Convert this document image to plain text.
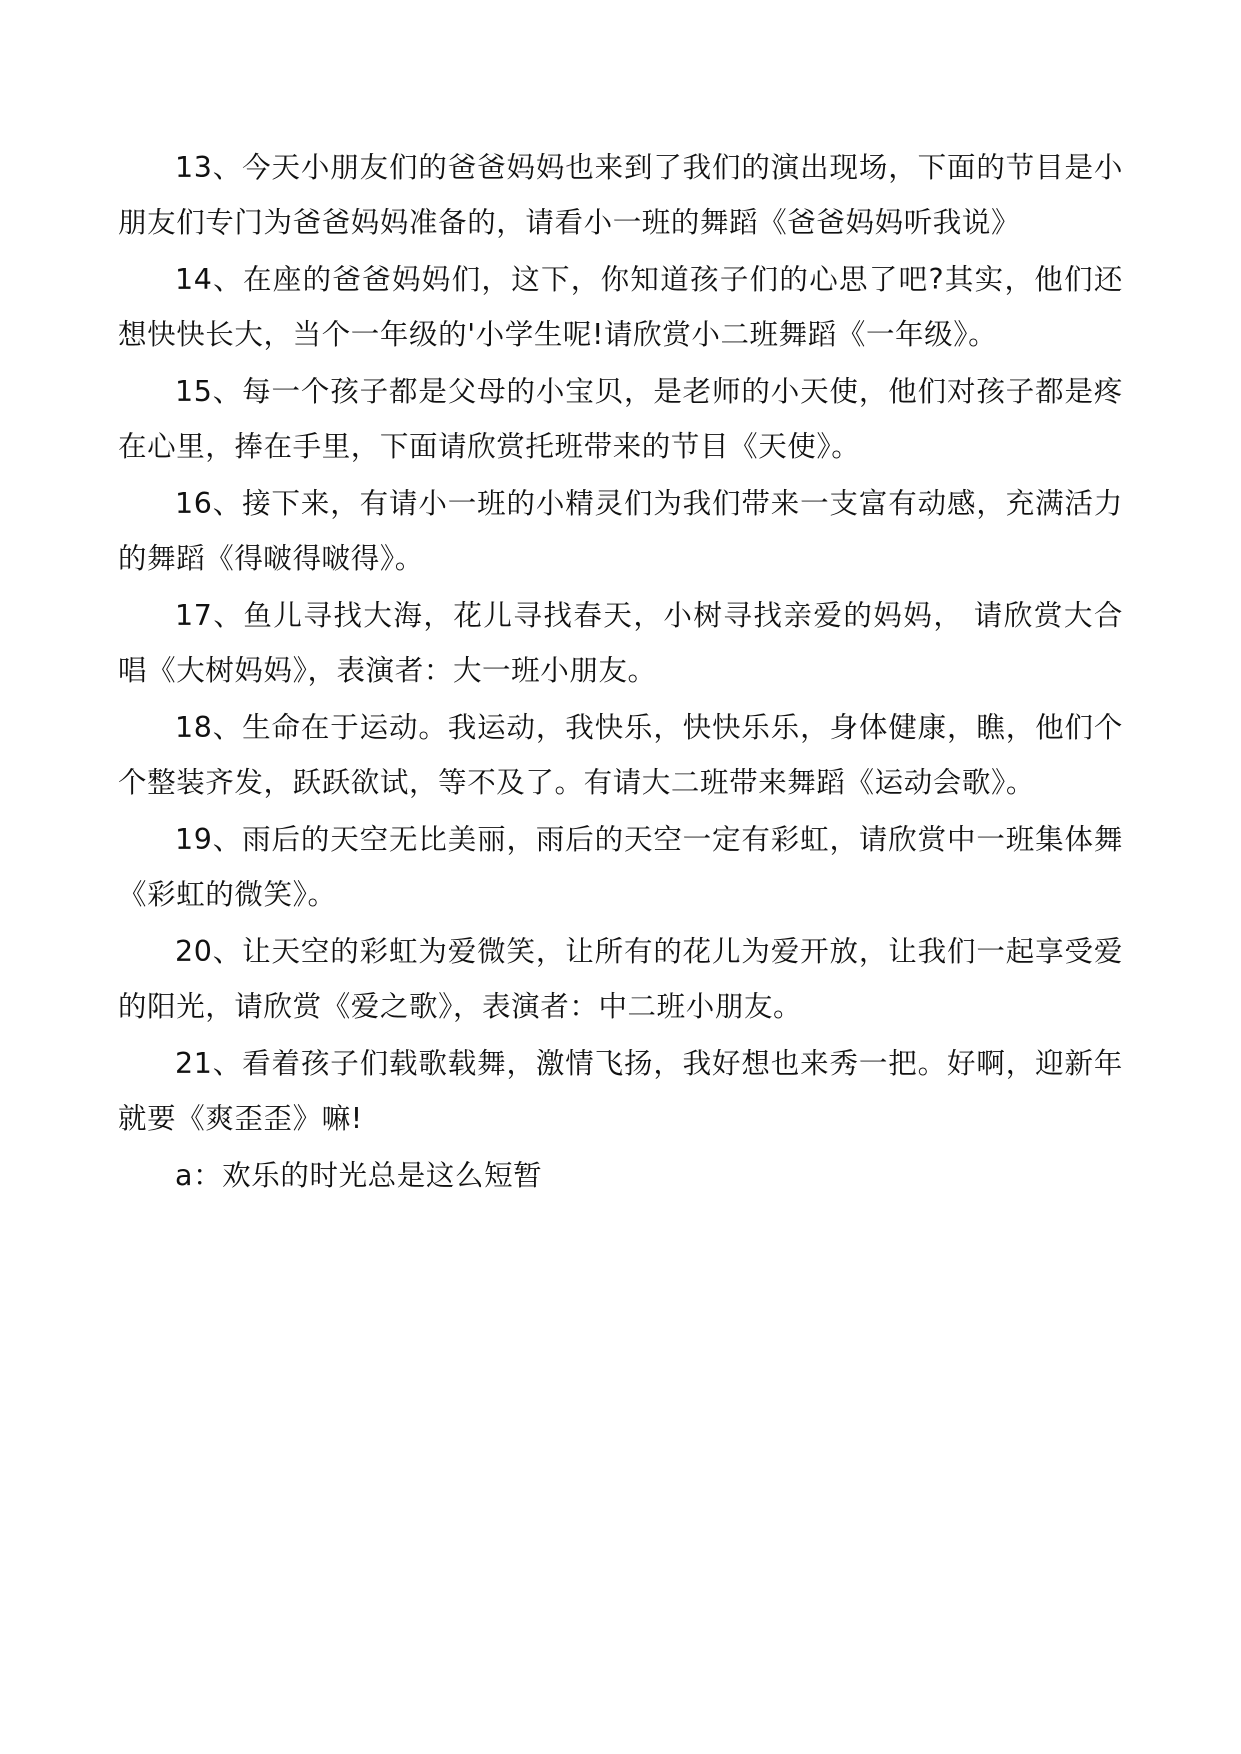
13、今天小朋友们的爸爸妈妈也来到了我们的演出现场，下面的节目是小朋友们专门为爸爸妈妈准备的，请看小一班的舞蹈《爸爸妈妈听我说》

14、在座的爸爸妈妈们，这下，你知道孩子们的心思了吧?其实，他们还想快快长大，当个一年级的'小学生呢!请欣赏小二班舞蹈《一年级》。

15、每一个孩子都是父母的小宝贝，是老师的小天使，他们对孩子都是疼在心里，捧在手里，下面请欣赏托班带来的节目《天使》。

16、接下来，有请小一班的小精灵们为我们带来一支富有动感，充满活力的舞蹈《得啵得啵得》。

17、鱼儿寻找大海，花儿寻找春天，小树寻找亲爱的妈妈， 请欣赏大合唱《大树妈妈》，表演者：大一班小朋友。

18、生命在于运动。我运动，我快乐，快快乐乐，身体健康，瞧，他们个个整装齐发，跃跃欲试，等不及了。有请大二班带来舞蹈《运动会歌》。

19、雨后的天空无比美丽，雨后的天空一定有彩虹，请欣赏中一班集体舞《彩虹的微笑》。

20、让天空的彩虹为爱微笑，让所有的花儿为爱开放，让我们一起享受爱的阳光，请欣赏《爱之歌》，表演者：中二班小朋友。

21、看着孩子们载歌载舞，激情飞扬，我好想也来秀一把。好啊，迎新年就要《爽歪歪》嘛!

a：欢乐的时光总是这么短暂
